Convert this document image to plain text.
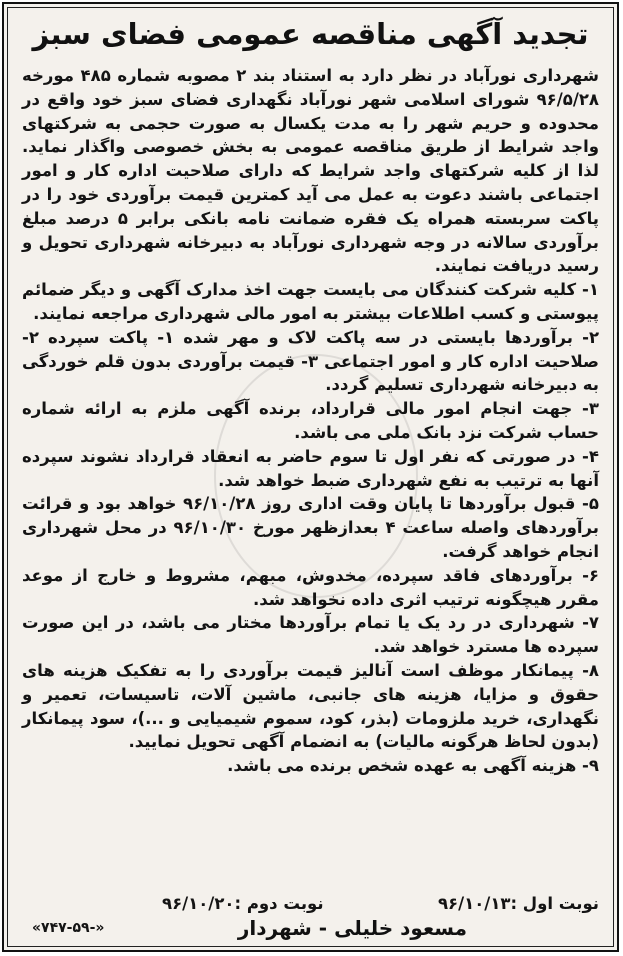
تجدید آگهی مناقصه عمومی فضای سبز

شهرداری نورآباد در نظر دارد به استناد بند ۲ مصوبه شماره ۴۸۵ مورخه ۹۶/۵/۲۸ شورای اسلامی شهر نورآباد نگهداری فضای سبز خود واقع در محدوده و حریم شهر را به مدت یکسال به صورت حجمی به شرکتهای واجد شرایط از طریق مناقصه عمومی به بخش خصوصی واگذار نماید. لذا از کلیه شرکتهای واجد شرایط که دارای صلاحیت اداره کار و امور اجتماعی باشند دعوت به عمل می آید کمترین قیمت برآوردی خود را در پاکت سربسته همراه یک فقره ضمانت نامه بانکی برابر ۵ درصد مبلغ برآوردی سالانه در وجه شهرداری نورآباد به دبیرخانه شهرداری تحویل و رسید دریافت نمایند.

۱- کلیه شرکت کنندگان می بایست جهت اخذ مدارک آگهی و دیگر ضمائم پیوستی و کسب اطلاعات بیشتر به امور مالی شهرداری مراجعه نمایند.

۲- برآوردها بایستی در سه پاکت لاک و مهر شده ۱- پاکت سپرده ۲- صلاحیت اداره کار و امور اجتماعی ۳- قیمت برآوردی بدون قلم خوردگی به دبیرخانه شهرداری تسلیم گردد.

۳- جهت انجام امور مالی قرارداد، برنده آگهی ملزم به ارائه شماره حساب شرکت نزد بانک ملی می باشد.

۴- در صورتی که نفر اول تا سوم حاضر به انعقاد قرارداد نشوند سپرده آنها به ترتیب به نفع شهرداری ضبط خواهد شد.

۵- قبول برآوردها تا پایان وقت اداری روز ۹۶/۱۰/۲۸ خواهد بود و قرائت برآوردهای واصله ساعت ۴ بعدازظهر مورخ ۹۶/۱۰/۳۰ در محل شهرداری انجام خواهد گرفت.

۶- برآوردهای فاقد سپرده، مخدوش، مبهم، مشروط و خارج از موعد مقرر هیچگونه ترتیب اثری داده نخواهد شد.

۷- شهرداری در رد یک یا تمام برآوردها مختار می باشد، در این صورت سپرده ها مسترد خواهد شد.

۸- پیمانکار موظف است آنالیز قیمت برآوردی را به تفکیک هزینه های حقوق و مزایا، هزینه های جانبی، ماشین آلات، تاسیسات، تعمیر و نگهداری، خرید ملزومات (بذر، کود، سموم شیمیایی و ...)، سود پیمانکار (بدون لحاظ هرگونه مالیات) به انضمام آگهی تحویل نمایید.

۹- هزینه آگهی به عهده شخص برنده می باشد.

نوبت اول :۹۶/۱۰/۱۳
نوبت دوم :۹۶/۱۰/۲۰
«۷۴۷-۵۹-»	مسعود خلیلی - شهردار
